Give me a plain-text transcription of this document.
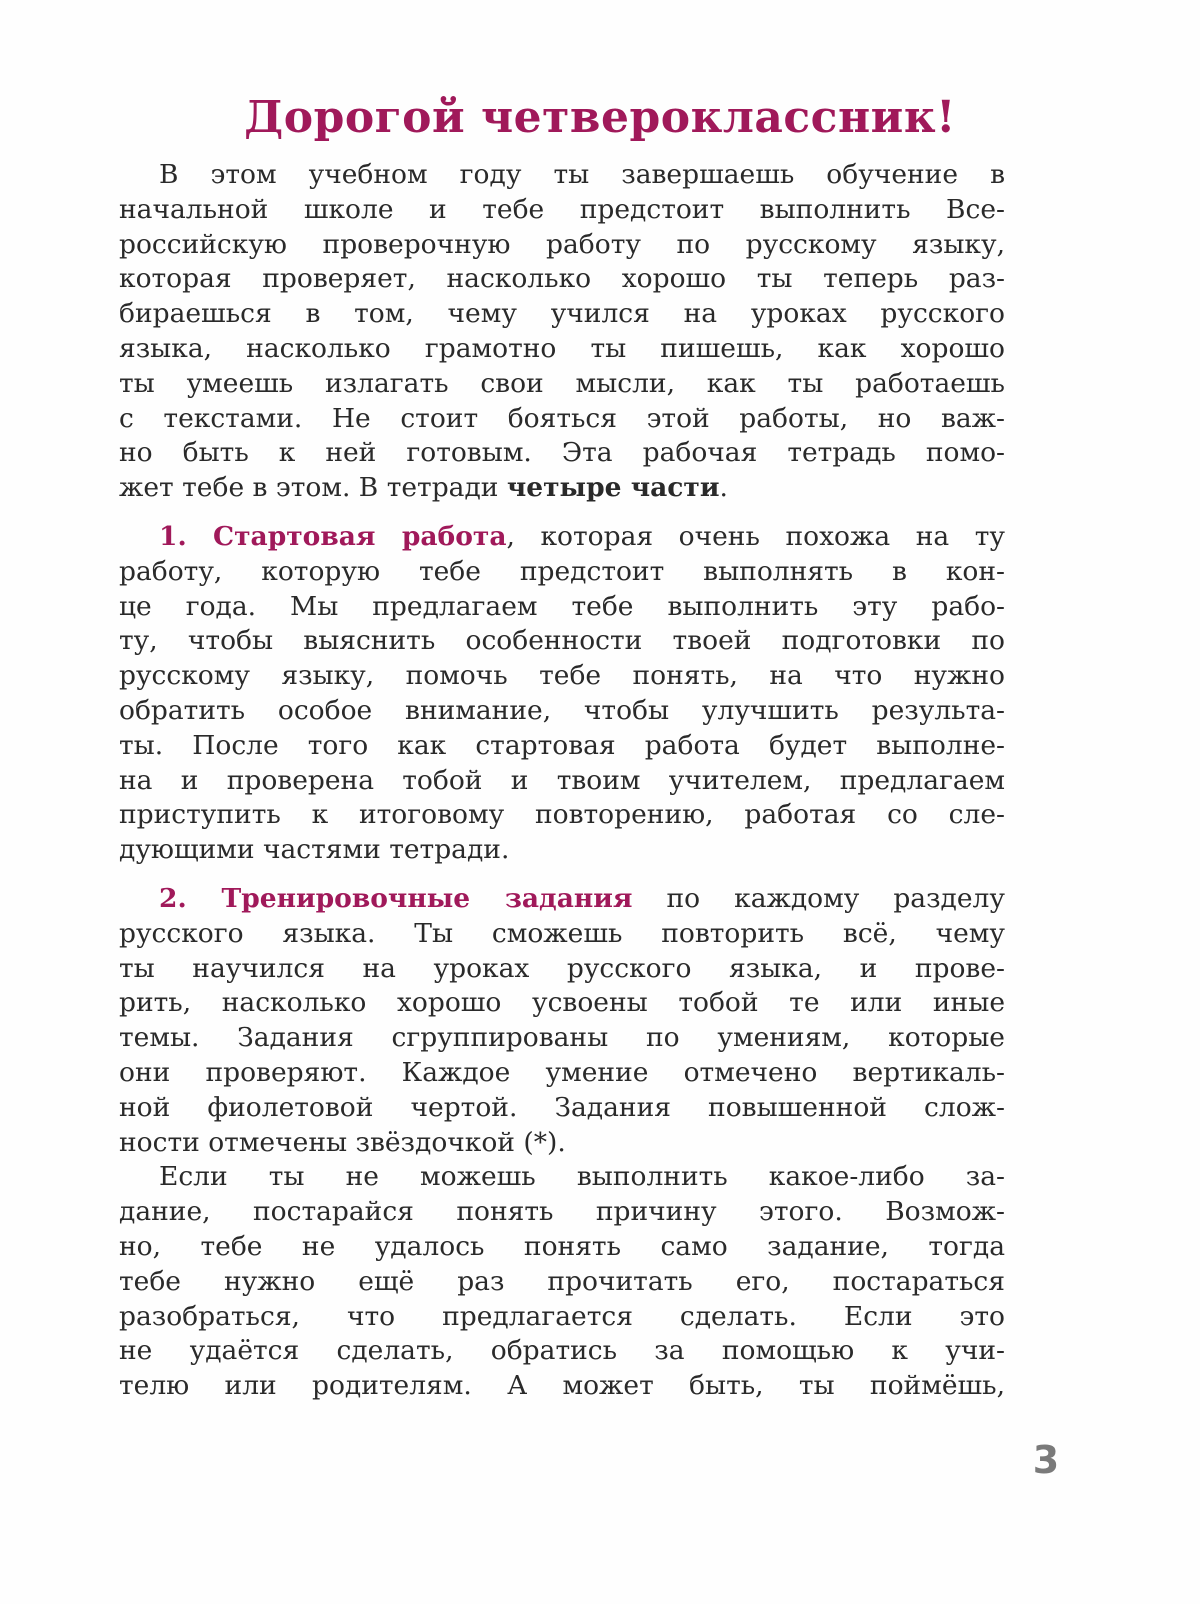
Дорогой четвероклассник!
В этом учебном году ты завершаешь обучение в
начальной школе и тебе предстоит выполнить Все-
российскую проверочную работу по русскому языку,
которая проверяет, насколько хорошо ты теперь раз-
бираешься в том, чему учился на уроках русского
языка, насколько грамотно ты пишешь, как хорошо
ты умеешь излагать свои мысли, как ты работаешь
с текстами. Не стоит бояться этой работы, но важ-
но быть к ней готовым. Эта рабочая тетрадь помо-
жет тебе в этом. В тетради четыре части.
1. Стартовая работа, которая очень похожа на ту
работу, которую тебе предстоит выполнять в кон-
це года. Мы предлагаем тебе выполнить эту рабо-
ту, чтобы выяснить особенности твоей подготовки по
русскому языку, помочь тебе понять, на что нужно
обратить особое внимание, чтобы улучшить результа-
ты. После того как стартовая работа будет выполне-
на и проверена тобой и твоим учителем, предлагаем
приступить к итоговому повторению, работая со сле-
дующими частями тетради.
2. Тренировочные задания по каждому разделу
русского языка. Ты сможешь повторить всё, чему
ты научился на уроках русского языка, и прове-
рить, насколько хорошо усвоены тобой те или иные
темы. Задания сгруппированы по умениям, которые
они проверяют. Каждое умение отмечено вертикаль-
ной фиолетовой чертой. Задания повышенной слож-
ности отмечены звёздочкой (*).
Если ты не можешь выполнить какое-либо за-
дание, постарайся понять причину этого. Возмож-
но, тебе не удалось понять само задание, тогда
тебе нужно ещё раз прочитать его, постараться
разобраться, что предлагается сделать. Если это
не удаётся сделать, обратись за помощью к учи-
телю или родителям. А может быть, ты поймёшь,
3
